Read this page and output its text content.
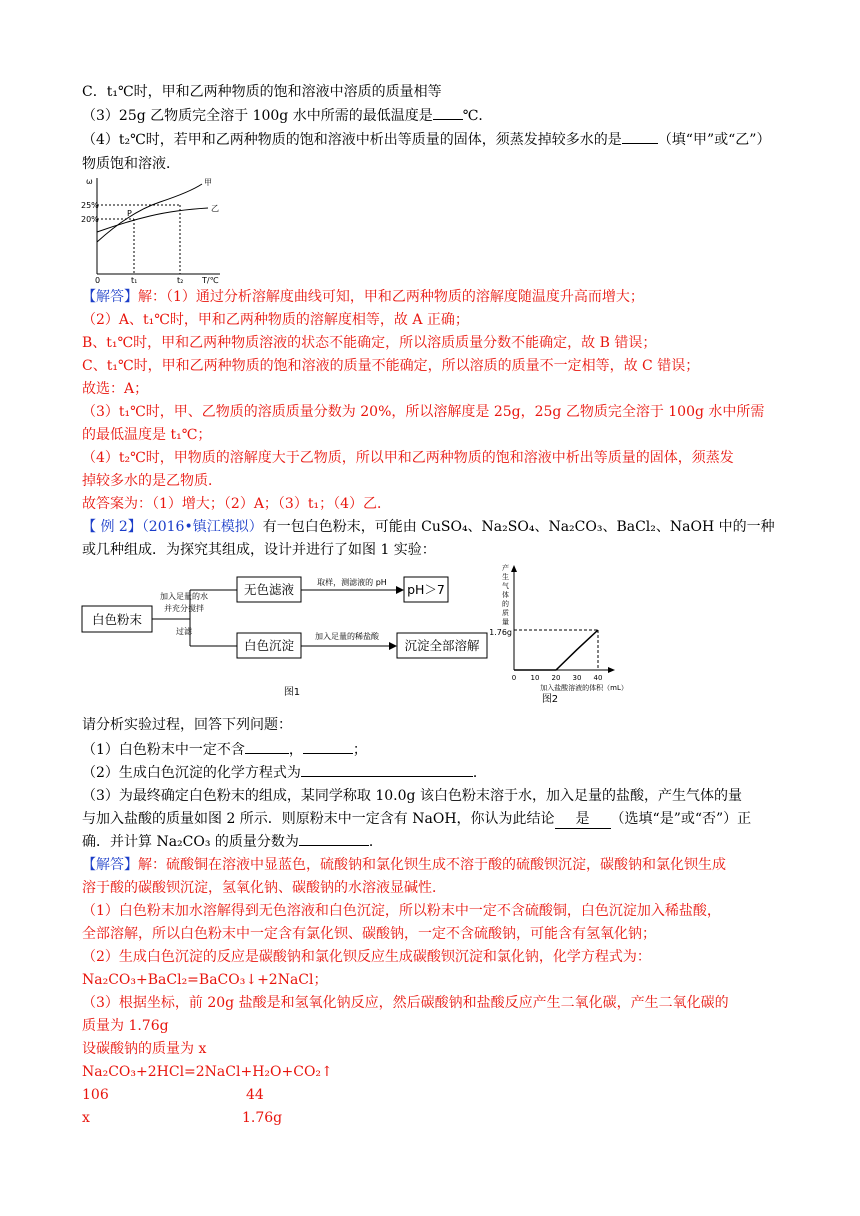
C．t₁℃时，甲和乙两种物质的饱和溶液中溶质的质量相等
（3）25g 乙物质完全溶于 100g 水中所需的最低温度是 ℃．
（4）t₂℃时，若甲和乙两种物质的饱和溶液中析出等质量的固体，须蒸发掉较多水的是	（填“甲”或“乙”）
物质饱和溶液．
ω
25%
20%
P
甲
乙
0	t₁	t₂ T/℃
【解答】解：（1）通过分析溶解度曲线可知，甲和乙两种物质的溶解度随温度升高而增大；
（2）A、t₁℃时，甲和乙两种物质的溶解度相等，故 A 正确；
B、t₁℃时，甲和乙两种物质溶液的状态不能确定，所以溶质质量分数不能确定，故 B 错误；
C、t₁℃时，甲和乙两种物质的饱和溶液的质量不能确定，所以溶质的质量不一定相等，故 C 错误；
故选：A；
（3）t₁℃时，甲、乙物质的溶质质量分数为 20%，所以溶解度是 25g，25g 乙物质完全溶于 100g 水中所需
的最低温度是 t₁℃；
（4）t₂℃时，甲物质的溶解度大于乙物质，所以甲和乙两种物质的饱和溶液中析出等质量的固体，须蒸发
掉较多水的是乙物质．
故答案为：（1）增大；（2）A；（3）t₁；（4）乙．
【 例 2】（2016•镇江模拟）有一包白色粉末，可能由 CuSO₄、Na₂SO₄、Na₂CO₃、BaCl₂、NaOH 中的一种
或几种组成．为探究其组成，设计并进行了如图 1 实验：
白色粉末
加入足量的水
并充分搅拌
过滤
无色滤液	取样，测滤液的 pH pH＞7
白色沉淀
加入足量的稀盐酸
沉淀全部溶解
图1
产
生
气
体
的
质
量
1.76g
0 10 20 30 40
加入盐酸溶液的体积（mL）
图2
请分析实验过程，回答下列问题：
（1）白色粉末中一定不含	，	；
（2）生成白色沉淀的化学方程式为	．
（3）为最终确定白色粉末的组成，某同学称取 10.0g 该白色粉末溶于水，加入足量的盐酸，产生气体的量
与加入盐酸的质量如图 2 所示．则原粉末中一定含有 NaOH，你认为此结论 是 （选填“是”或“否”）正
确．并计算 Na₂CO₃ 的质量分数为	．
【解答】解：硫酸铜在溶液中显蓝色，硫酸钠和氯化钡生成不溶于酸的硫酸钡沉淀，碳酸钠和氯化钡生成
溶于酸的碳酸钡沉淀，氢氧化钠、碳酸钠的水溶液显碱性．
（1）白色粉末加水溶解得到无色溶液和白色沉淀，所以粉末中一定不含硫酸铜，白色沉淀加入稀盐酸，
全部溶解，所以白色粉末中一定含有氯化钡、碳酸钠，一定不含硫酸钠，可能含有氢氧化钠；
（2）生成白色沉淀的反应是碳酸钠和氯化钡反应生成碳酸钡沉淀和氯化钠，化学方程式为：
Na₂CO₃+BaCl₂=BaCO₃↓+2NaCl；
（3）根据坐标，前 20g 盐酸是和氢氧化钠反应，然后碳酸钠和盐酸反应产生二氧化碳，产生二氧化碳的
质量为 1.76g
设碳酸钠的质量为 x
Na₂CO₃+2HCl=2NaCl+H₂O+CO₂↑
106	44
x	1.76g
